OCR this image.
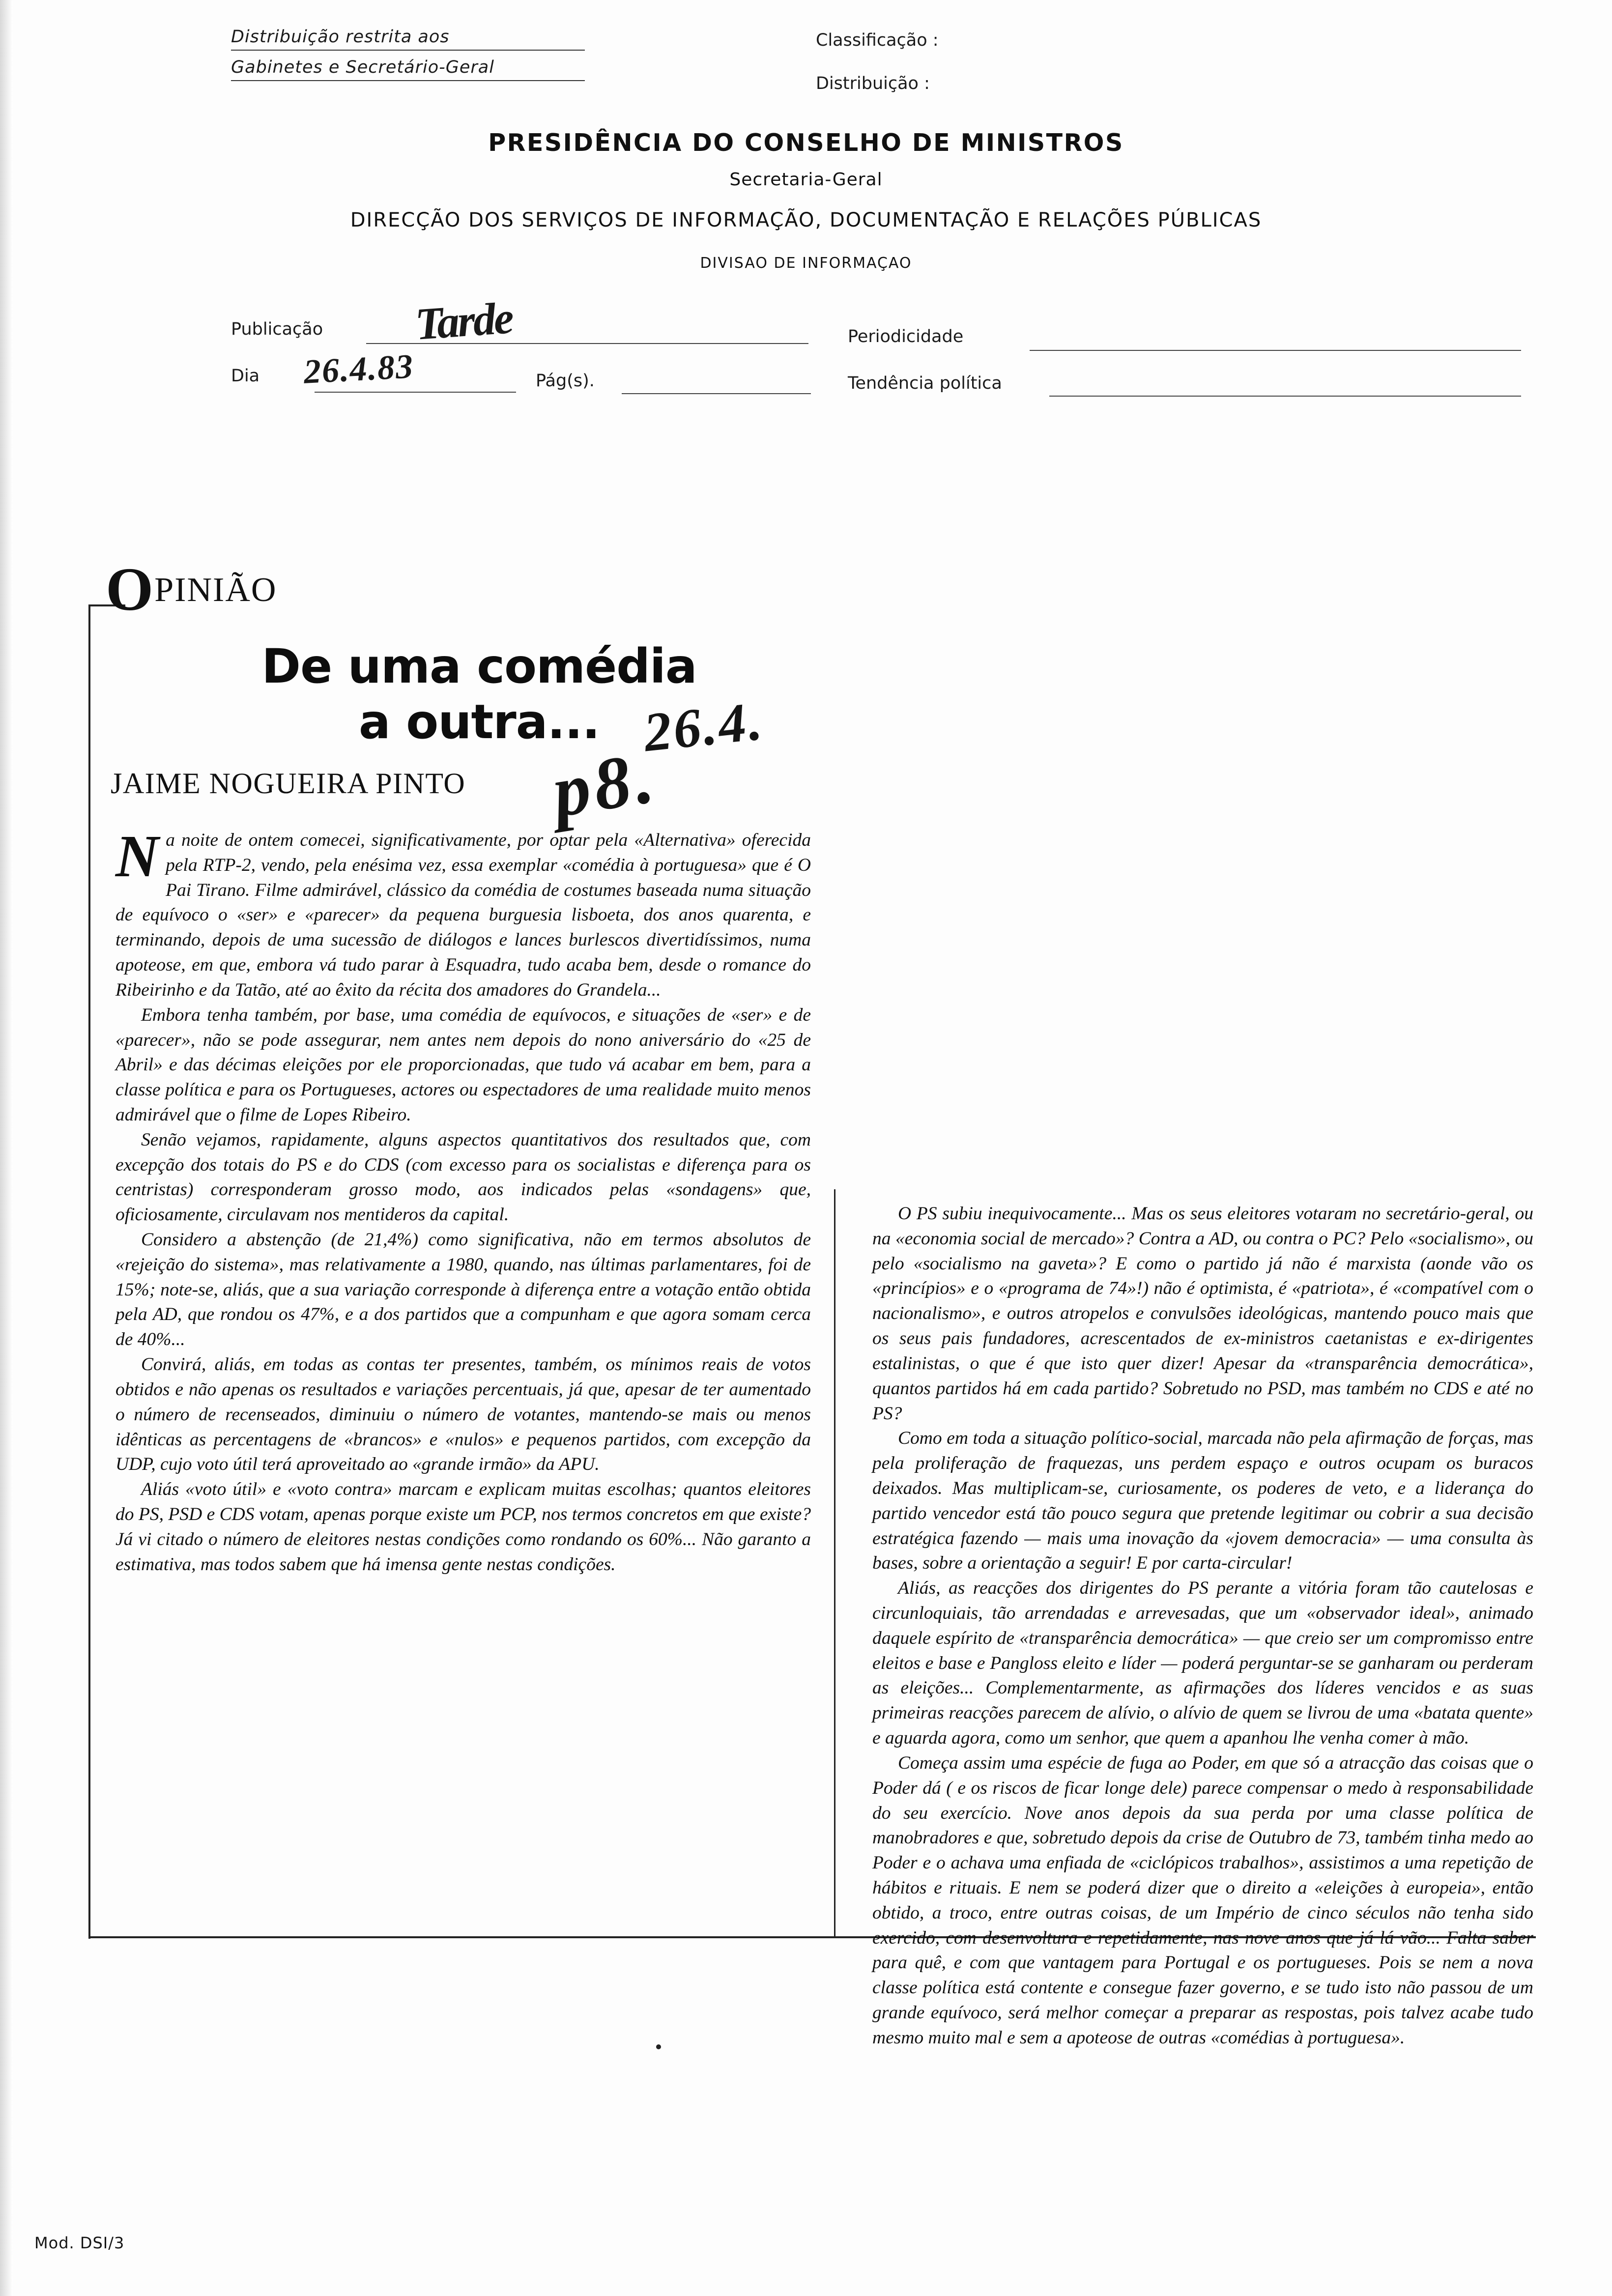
Distribuição restrita aos
Gabinetes e Secretário-Geral
Classificação :
Distribuição :
PRESIDÊNCIA DO CONSELHO DE MINISTROS
Secretaria-Geral
DIRECÇÃO DOS SERVIÇOS DE INFORMAÇÃO, DOCUMENTAÇÃO E RELAÇÕES PÚBLICAS
DIVISAO DE INFORMAÇAO
Publicação
Dia
Periodicidade
Pág(s).	Tendência política
Tarde
26.4.83
OPINIÃO
De uma comédia
a outra... 26.4.
p8.
JAIME NOGUEIRA PINTO

Na noite de ontem comecei, significativamente, por optar pela «Alternativa» oferecida pela RTP-2, vendo, pela enésima vez, essa exemplar «comédia à portuguesa» que é O Pai Tirano. Filme admirável, clássico da comédia de costumes baseada numa situação de equívoco o «ser» e «parecer» da pequena burguesia lisboeta, dos anos quarenta, e terminando, depois de uma sucessão de diálogos e lances burlescos divertidíssimos, numa apoteose, em que, embora vá tudo parar à Esquadra, tudo acaba bem, desde o romance do Ribeirinho e da Tatão, até ao êxito da récita dos amadores do Grandela...

Embora tenha também, por base, uma comédia de equívocos, e situações de «ser» e de «parecer», não se pode assegurar, nem antes nem depois do nono aniversário do «25 de Abril» e das décimas eleições por ele proporcionadas, que tudo vá acabar em bem, para a classe política e para os Portugueses, actores ou espectadores de uma realidade muito menos admirável que o filme de Lopes Ribeiro.

Senão vejamos, rapidamente, alguns aspectos quantitativos dos resultados que, com excepção dos totais do PS e do CDS (com excesso para os socialistas e diferença para os centristas) corresponderam grosso modo, aos indicados pelas «sondagens» que, oficiosamente, circulavam nos mentideros da capital.

Considero a abstenção (de 21,4%) como significativa, não em termos absolutos de «rejeição do sistema», mas relativamente a 1980, quando, nas últimas parlamentares, foi de 15%; note-se, aliás, que a sua variação corresponde à diferença entre a votação então obtida pela AD, que rondou os 47%, e a dos partidos que a compunham e que agora somam cerca de 40%...

Convirá, aliás, em todas as contas ter presentes, também, os mínimos reais de votos obtidos e não apenas os resultados e variações percentuais, já que, apesar de ter aumentado o número de recenseados, diminuiu o número de votantes, mantendo-se mais ou menos idênticas as percentagens de «brancos» e «nulos» e pequenos partidos, com excepção da UDP, cujo voto útil terá aproveitado ao «grande irmão» da APU.

Aliás «voto útil» e «voto contra» marcam e explicam muitas escolhas; quantos eleitores do PS, PSD e CDS votam, apenas porque existe um PCP, nos termos concretos em que existe? Já vi citado o número de eleitores nestas condições como rondando os 60%... Não garanto a estimativa, mas todos sabem que há imensa gente nestas condições.

O PS subiu inequivocamente... Mas os seus eleitores votaram no secretário-geral, ou na «economia social de mercado»? Contra a AD, ou contra o PC? Pelo «socialismo», ou pelo «socialismo na gaveta»? E como o partido já não é marxista (aonde vão os «princípios» e o «programa de 74»!) não é optimista, é «patriota», é «compatível com o nacionalismo», e outros atropelos e convulsões ideológicas, mantendo pouco mais que os seus pais fundadores, acrescentados de ex-ministros caetanistas e ex-dirigentes estalinistas, o que é que isto quer dizer! Apesar da «transparência democrática», quantos partidos há em cada partido? Sobretudo no PSD, mas também no CDS e até no PS?

Como em toda a situação político-social, marcada não pela afirmação de forças, mas pela proliferação de fraquezas, uns perdem espaço e outros ocupam os buracos deixados. Mas multiplicam-se, curiosamente, os poderes de veto, e a liderança do partido vencedor está tão pouco segura que pretende legitimar ou cobrir a sua decisão estratégica fazendo — mais uma inovação da «jovem democracia» — uma consulta às bases, sobre a orientação a seguir! E por carta-circular!

Aliás, as reacções dos dirigentes do PS perante a vitória foram tão cautelosas e circunloquiais, tão arrendadas e arrevesadas, que um «observador ideal», animado daquele espírito de «transparência democrática» — que creio ser um compromisso entre eleitos e base e Pangloss eleito e líder — poderá perguntar-se se ganharam ou perderam as eleições... Complementarmente, as afirmações dos líderes vencidos e as suas primeiras reacções parecem de alívio, o alívio de quem se livrou de uma «batata quente» e aguarda agora, como um senhor, que quem a apanhou lhe venha comer à mão.

Começa assim uma espécie de fuga ao Poder, em que só a atracção das coisas que o Poder dá ( e os riscos de ficar longe dele) parece compensar o medo à responsabilidade do seu exercício. Nove anos depois da sua perda por uma classe política de manobradores e que, sobretudo depois da crise de Outubro de 73, também tinha medo ao Poder e o achava uma enfiada de «ciclópicos trabalhos», assistimos a uma repetição de hábitos e rituais. E nem se poderá dizer que o direito a «eleições à europeia», então obtido, a troco, entre outras coisas, de um Império de cinco séculos não tenha sido exercido, com desenvoltura e repetidamente, nas nove anos que já lá vão... Falta saber para quê, e com que vantagem para Portugal e os portugueses. Pois se nem a nova classe política está contente e consegue fazer governo, e se tudo isto não passou de um grande equívoco, será melhor começar a preparar as respostas, pois talvez acabe tudo mesmo muito mal e sem a apoteose de outras «comédias à portuguesa».

Mod. DSI/3
